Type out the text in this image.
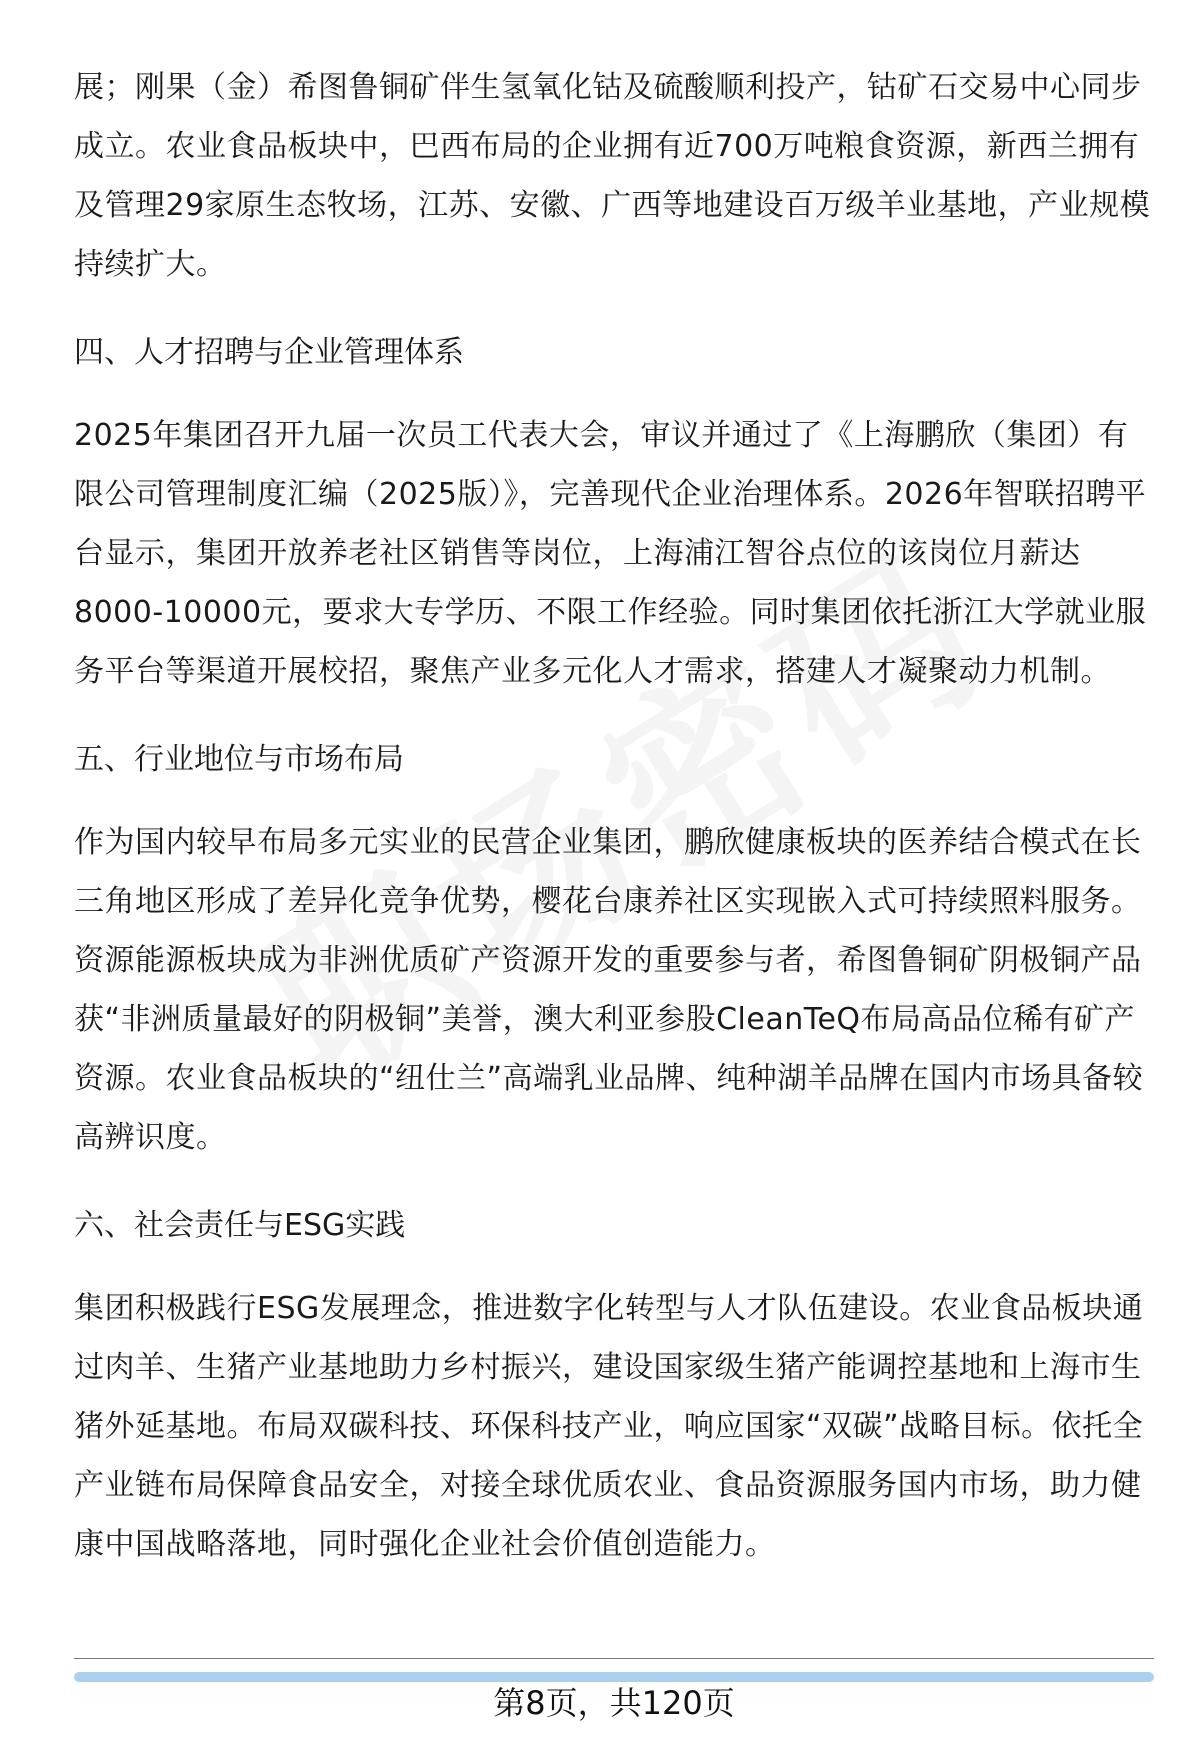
展；刚果（金）希图鲁铜矿伴生氢氧化钴及硫酸顺利投产，钴矿石交易中心同步成立。农业食品板块中，巴西布局的企业拥有近700万吨粮食资源，新西兰拥有及管理29家原生态牧场，江苏、安徽、广西等地建设百万级羊业基地，产业规模持续扩大。

四、人才招聘与企业管理体系

2025年集团召开九届一次员工代表大会，审议并通过了《上海鹏欣（集团）有限公司管理制度汇编（2025版）》，完善现代企业治理体系。2026年智联招聘平台显示，集团开放养老社区销售等岗位，上海浦江智谷点位的该岗位月薪达8000-10000元，要求大专学历、不限工作经验。同时集团依托浙江大学就业服务平台等渠道开展校招，聚焦产业多元化人才需求，搭建人才凝聚动力机制。

五、行业地位与市场布局

作为国内较早布局多元实业的民营企业集团，鹏欣健康板块的医养结合模式在长三角地区形成了差异化竞争优势，樱花台康养社区实现嵌入式可持续照料服务。资源能源板块成为非洲优质矿产资源开发的重要参与者，希图鲁铜矿阴极铜产品获“非洲质量最好的阴极铜”美誉，澳大利亚参股CleanTeQ布局高品位稀有矿产资源。农业食品板块的“纽仕兰”高端乳业品牌、纯种湖羊品牌在国内市场具备较高辨识度。

六、社会责任与ESG实践

集团积极践行ESG发展理念，推进数字化转型与人才队伍建设。农业食品板块通过肉羊、生猪产业基地助力乡村振兴，建设国家级生猪产能调控基地和上海市生猪外延基地。布局双碳科技、环保科技产业，响应国家“双碳”战略目标。依托全产业链布局保障食品安全，对接全球优质农业、食品资源服务国内市场，助力健康中国战略落地，同时强化企业社会价值创造能力。

第8页，共120页
